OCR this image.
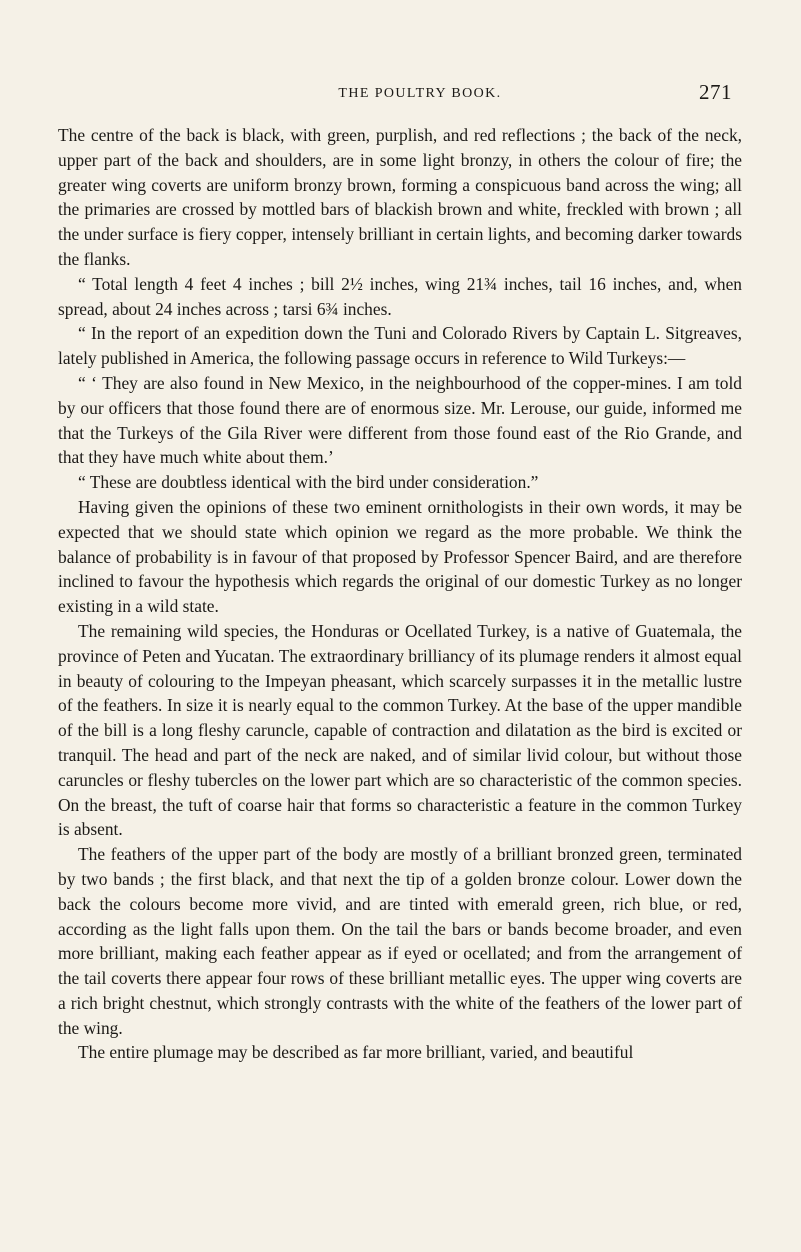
THE POULTRY BOOK.	271

The centre of the back is black, with green, purplish, and red reflections ; the back of the neck, upper part of the back and shoulders, are in some light bronzy, in others the colour of fire; the greater wing coverts are uniform bronzy brown, forming a conspicuous band across the wing; all the primaries are crossed by mottled bars of blackish brown and white, freckled with brown ; all the under surface is fiery copper, intensely brilliant in certain lights, and becoming darker towards the flanks.

“ Total length 4 feet 4 inches ; bill 2½ inches, wing 21¾ inches, tail 16 inches, and, when spread, about 24 inches across ; tarsi 6¾ inches.

“ In the report of an expedition down the Tuni and Colorado Rivers by Captain L. Sitgreaves, lately published in America, the following passage occurs in reference to Wild Turkeys:—

“ ‘ They are also found in New Mexico, in the neighbourhood of the copper-mines. I am told by our officers that those found there are of enormous size. Mr. Lerouse, our guide, informed me that the Turkeys of the Gila River were different from those found east of the Rio Grande, and that they have much white about them.’

“ These are doubtless identical with the bird under consideration.”

Having given the opinions of these two eminent ornithologists in their own words, it may be expected that we should state which opinion we regard as the more probable. We think the balance of probability is in favour of that proposed by Professor Spencer Baird, and are therefore inclined to favour the hypothesis which regards the original of our domestic Turkey as no longer existing in a wild state.

The remaining wild species, the Honduras or Ocellated Turkey, is a native of Guatemala, the province of Peten and Yucatan. The extraordinary brilliancy of its plumage renders it almost equal in beauty of colouring to the Impeyan pheasant, which scarcely surpasses it in the metallic lustre of the feathers. In size it is nearly equal to the common Turkey. At the base of the upper mandible of the bill is a long fleshy caruncle, capable of contraction and dilatation as the bird is excited or tranquil. The head and part of the neck are naked, and of similar livid colour, but without those caruncles or fleshy tubercles on the lower part which are so characteristic of the common species. On the breast, the tuft of coarse hair that forms so characteristic a feature in the common Turkey is absent.

The feathers of the upper part of the body are mostly of a brilliant bronzed green, terminated by two bands ; the first black, and that next the tip of a golden bronze colour. Lower down the back the colours become more vivid, and are tinted with emerald green, rich blue, or red, according as the light falls upon them. On the tail the bars or bands become broader, and even more brilliant, making each feather appear as if eyed or ocellated; and from the arrangement of the tail coverts there appear four rows of these brilliant metallic eyes. The upper wing coverts are a rich bright chestnut, which strongly contrasts with the white of the feathers of the lower part of the wing.

The entire plumage may be described as far more brilliant, varied, and beautiful
